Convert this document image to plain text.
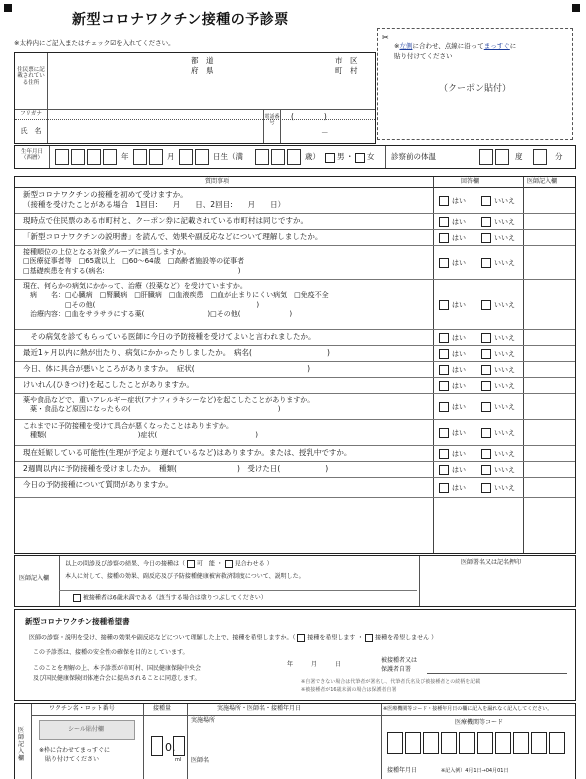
新型コロナワクチン接種の予診票
※太枠内にご記入またはチェック☑を入れてください。
✂
※左側に合わせ、点線に沿ってまっすぐに
貼り付けてください
（クーポン貼付）
住民票に記載されている住所
都　道
府　県
市　区
町　村
フリガナ
氏　名
電話番号
(　　　　)
－
生年月日（西暦）	年	月	日生（満	歳） 男 ・ 女 診察前の体温	度	分
質問事項	回答欄	医師記入欄
新型コロナワクチンの接種を初めて受けますか。
（接種を受けたことがある場合　1回目:　　月　　日、2回目:　　月　　日）	はい	いいえ
現時点で住民票のある市町村と、クーポン券に記載されている市町村は同じですか。	はい	いいえ
「新型コロナワクチンの説明書」を読んで、効果や副反応などについて理解しましたか。	はい	いいえ
接種順位の上位となる対象グループに該当しますか。
□医療従事者等　□65歳以上　□60～64歳　□高齢者施設等の従事者
□基礎疾患を有する(病名:　　　　　　　　　　　　　　　　　　　)
はい	いいえ
現在、何らかの病気にかかって、治療（投薬など）を受けていますか。
　病　　名：□心臓病　□腎臓病　□肝臓病　□血液疾患　□血が止まりにくい病気　□免疫不全
　　　　　　□その他(　　　　　　　　　　　　　　　　　　　　　　　)
　治療内容：□血をサラサラにする薬(　　　　　　　　　)□その他(　　　　　　　)
はい	いいえ
　その病気を診てもらっている医師に今日の予防接種を受けてよいと言われましたか。	はい	いいえ
最近1ヶ月以内に熱が出たり、病気にかかったりしましたか。　病名(　　　　　　　　　　)	はい	いいえ
今日、体に具合が悪いところがありますか。　症状(　　　　　　　　　　　　　　　)	はい	いいえ
けいれん(ひきつけ)を起こしたことがありますか。	はい	いいえ
薬や食品などで、重いアレルギー症状(アナフィラキシーなど)を起こしたことがありますか。
　薬・食品など原因になったもの(　　　　　　　　　　　　　　　　　　　　　)	はい	いいえ
これまでに予防接種を受けて具合が悪くなったことはありますか。
　種類(　　　　　　　　　　　　　)症状(　　　　　　　　　　　　　　)	はい	いいえ
現在妊娠している可能性(生理が予定より遅れているなど)はありますか。または、授乳中ですか。	はい	いいえ
2週間以内に予防接種を受けましたか。　種類(　　　　　　　　)　受けた日(　　　　　　)	はい	いいえ
今日の予防接種について質問がありますか。	はい	いいえ
医師記入欄
以上の問診及び診察の結果、今日の接種は（ 可　能 ・ 見合わせる ）
本人に対して、接種の効果、副反応及び予防接種健康被害救済制度について、説明した。
被接種者は6歳未満である（該当する場合は塗りつぶしてください）
医師署名又は記名押印
新型コロナワクチン接種希望書
医師の診察・説明を受け、接種の効果や副反応などについて理解した上で、接種を希望しますか。（ 接種を希望します ・ 接種を希望しません ）
この予診票は、接種の安全性の確保を目的としています。
このことを理解の上、本予診票が市町村、国民健康保険中央会
及び国民健康保険団体連合会に提出されることに同意します。
年　　　月　　　日
被接種者又は
保護者自署
※自署できない場合は代筆者が署名し、代筆者氏名及び被接種者との続柄を記載
※被接種者が16歳未満の場合は保護者自署
医師記入欄
ワクチン名・ロット番号
シール貼付欄
※枠に合わせてまっすぐに
貼り付けてください
接種量
0.
ml
実施場所・医師名・接種年月日
実施場所
医師名
※医療機関等コード・接種年月日の欄に記入を漏れなく記入してください。
医療機関等コード
接種年月日	※記入例）4月1日→04月01日
